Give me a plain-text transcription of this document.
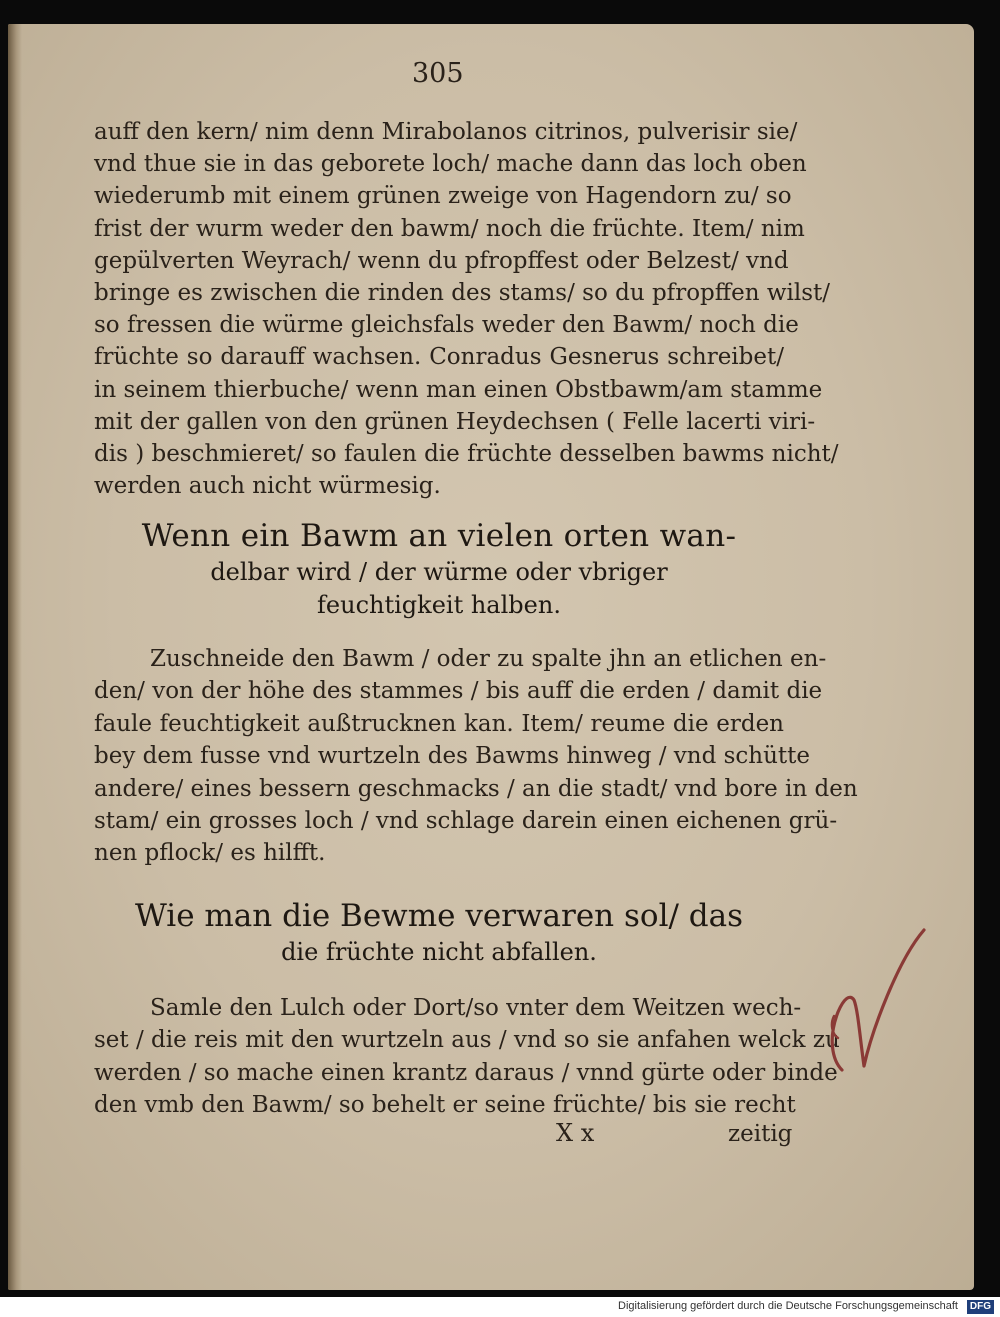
305
auff den kern/ nim denn Mirabolanos citrinos, pulverisir sie/
vnd thue sie in das geborete loch/ mache dann das loch oben
wiederumb mit einem grünen zweige von Hagendorn zu/ so
frist der wurm weder den bawm/ noch die früchte. Item/ nim
gepülverten Weyrach/ wenn du pfropffest oder Belzest/ vnd
bringe es zwischen die rinden des stams/ so du pfropffen wilst/
so fressen die würme gleichsfals weder den Bawm/ noch die
früchte so darauff wachsen. Conradus Gesnerus schreibet/
in seinem thierbuche/ wenn man einen Obstbawm/am stamme
mit der gallen von den grünen Heydechsen ( Felle lacerti viri-
dis ) beschmieret/ so faulen die früchte desselben bawms nicht/
werden auch nicht würmesig.
Wenn ein Bawm an vielen orten wan-
delbar wird / der würme oder vbriger
feuchtigkeit halben.
Zuschneide den Bawm / oder zu spalte jhn an etlichen en-
den/ von der höhe des stammes / bis auff die erden / damit die
faule feuchtigkeit außtrucknen kan. Item/ reume die erden
bey dem fusse vnd wurtzeln des Bawms hinweg / vnd schütte
andere/ eines bessern geschmacks / an die stadt/ vnd bore in den
stam/ ein grosses loch / vnd schlage darein einen eichenen grü-
nen pflock/ es hilfft.
Wie man die Bewme verwaren sol/ das
die früchte nicht abfallen.
Samle den Lulch oder Dort/so vnter dem Weitzen wech-
set / die reis mit den wurtzeln aus / vnd so sie anfahen welck zu
werden / so mache einen krantz daraus / vnnd gürte oder binde
den vmb den Bawm/ so behelt er seine früchte/ bis sie recht
X x	zeitig
Digitalisierung gefördert durch die Deutsche Forschungsgemeinschaft	DFG
